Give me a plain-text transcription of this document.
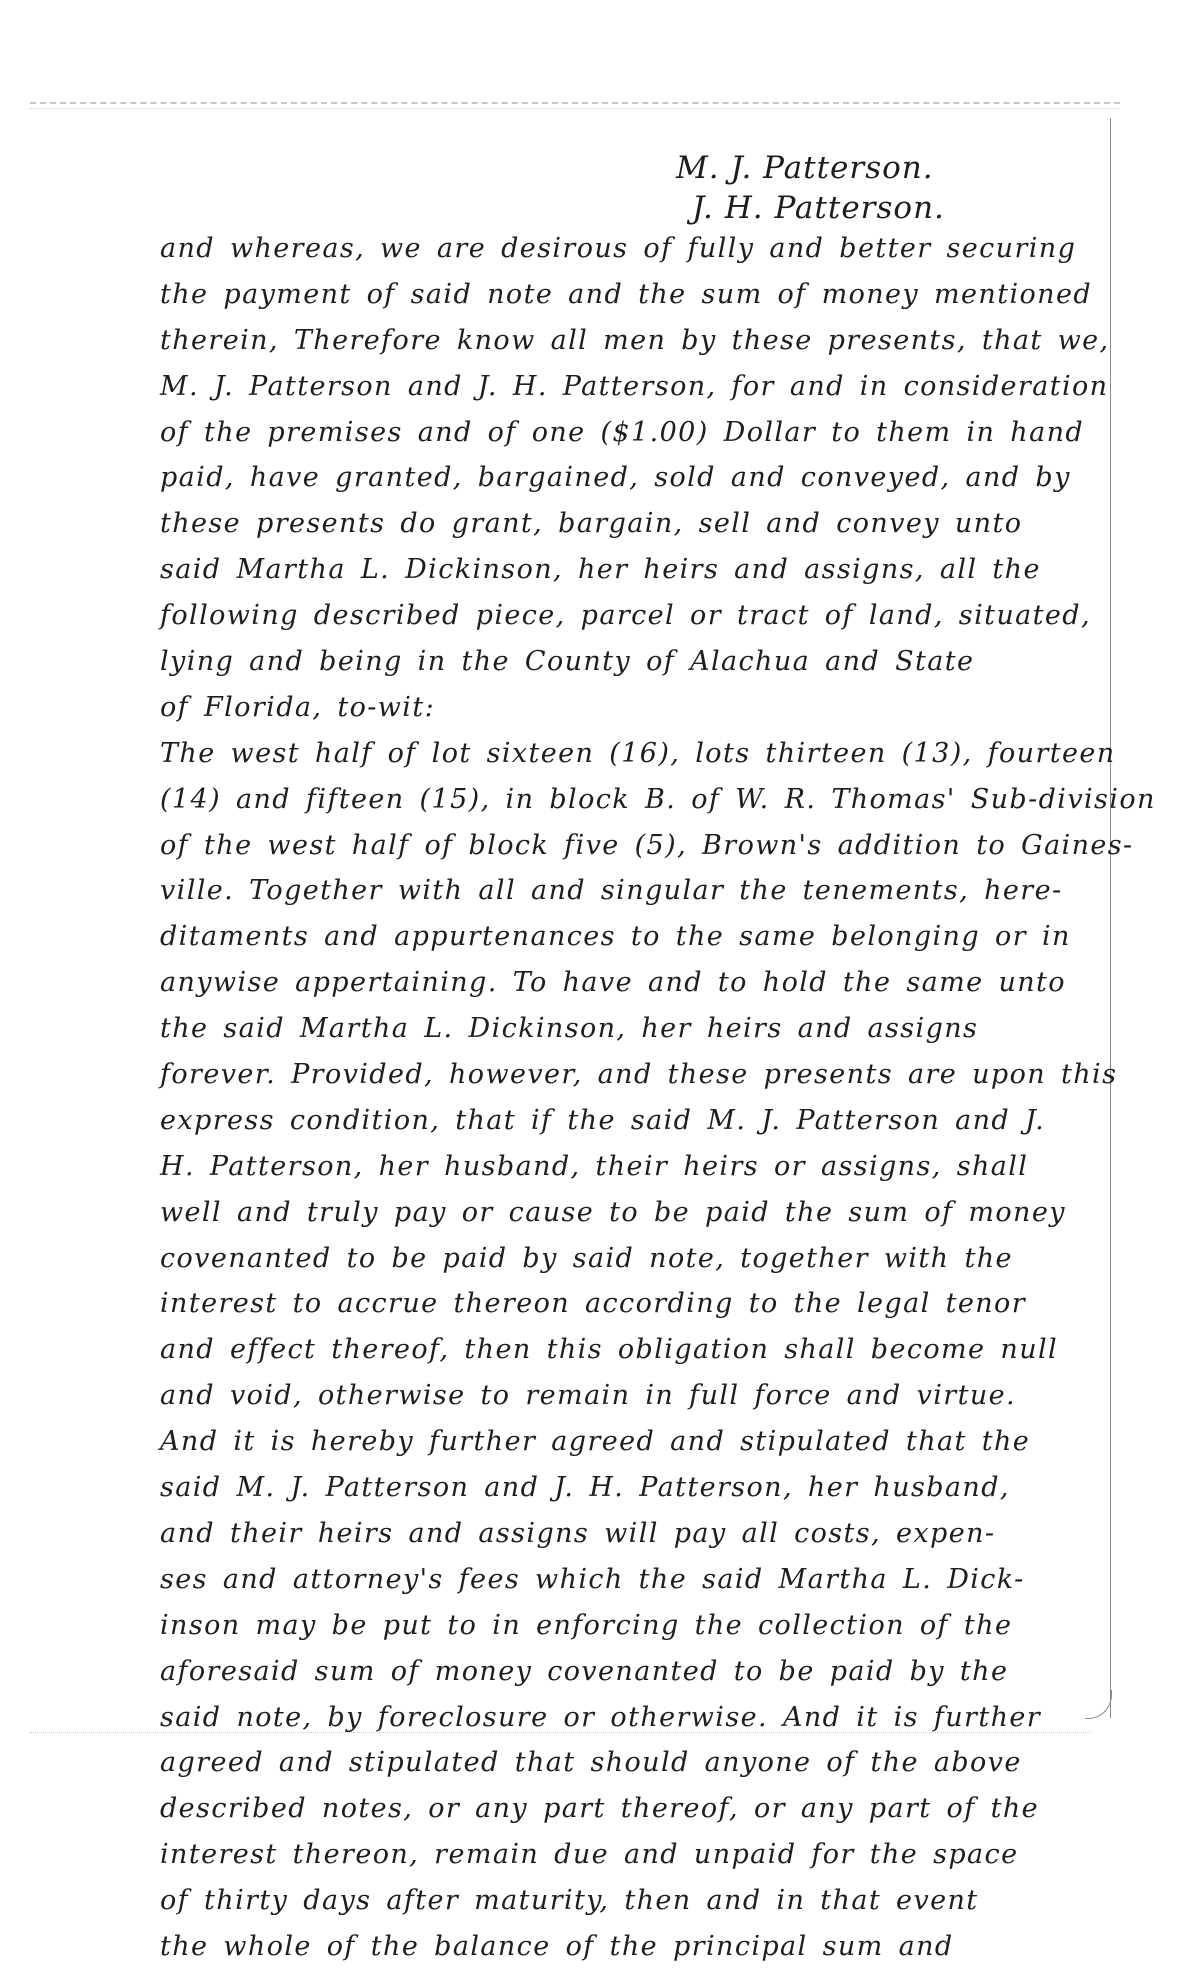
M. J. Patterson.
J. H. Patterson.
and whereas, we are desirous of fully and better securing
the payment of said note and the sum of money mentioned
therein, Therefore know all men by these presents, that we,
M. J. Patterson and J. H. Patterson, for and in consideration
of the premises and of one ($1.00) Dollar to them in hand
paid, have granted, bargained, sold and conveyed, and by
these presents do grant, bargain, sell and convey unto
said Martha L. Dickinson, her heirs and assigns, all the
following described piece, parcel or tract of land, situated,
lying and being in the County of Alachua and State
of Florida, to-wit:
The west half of lot sixteen (16), lots thirteen (13), fourteen
(14) and fifteen (15), in block B. of W. R. Thomas' Sub-division
of the west half of block five (5), Brown's addition to Gaines-
ville. Together with all and singular the tenements, here-
ditaments and appurtenances to the same belonging or in
anywise appertaining. To have and to hold the same unto
the said Martha L. Dickinson, her heirs and assigns
forever. Provided, however, and these presents are upon this
express condition, that if the said M. J. Patterson and J.
H. Patterson, her husband, their heirs or assigns, shall
well and truly pay or cause to be paid the sum of money
covenanted to be paid by said note, together with the
interest to accrue thereon according to the legal tenor
and effect thereof, then this obligation shall become null
and void, otherwise to remain in full force and virtue.
And it is hereby further agreed and stipulated that the
said M. J. Patterson and J. H. Patterson, her husband,
and their heirs and assigns will pay all costs, expen-
ses and attorney's fees which the said Martha L. Dick-
inson may be put to in enforcing the collection of the
aforesaid sum of money covenanted to be paid by the
said note, by foreclosure or otherwise. And it is further
agreed and stipulated that should anyone of the above
described notes, or any part thereof, or any part of the
interest thereon, remain due and unpaid for the space
of thirty days after maturity, then and in that event
the whole of the balance of the principal sum and
